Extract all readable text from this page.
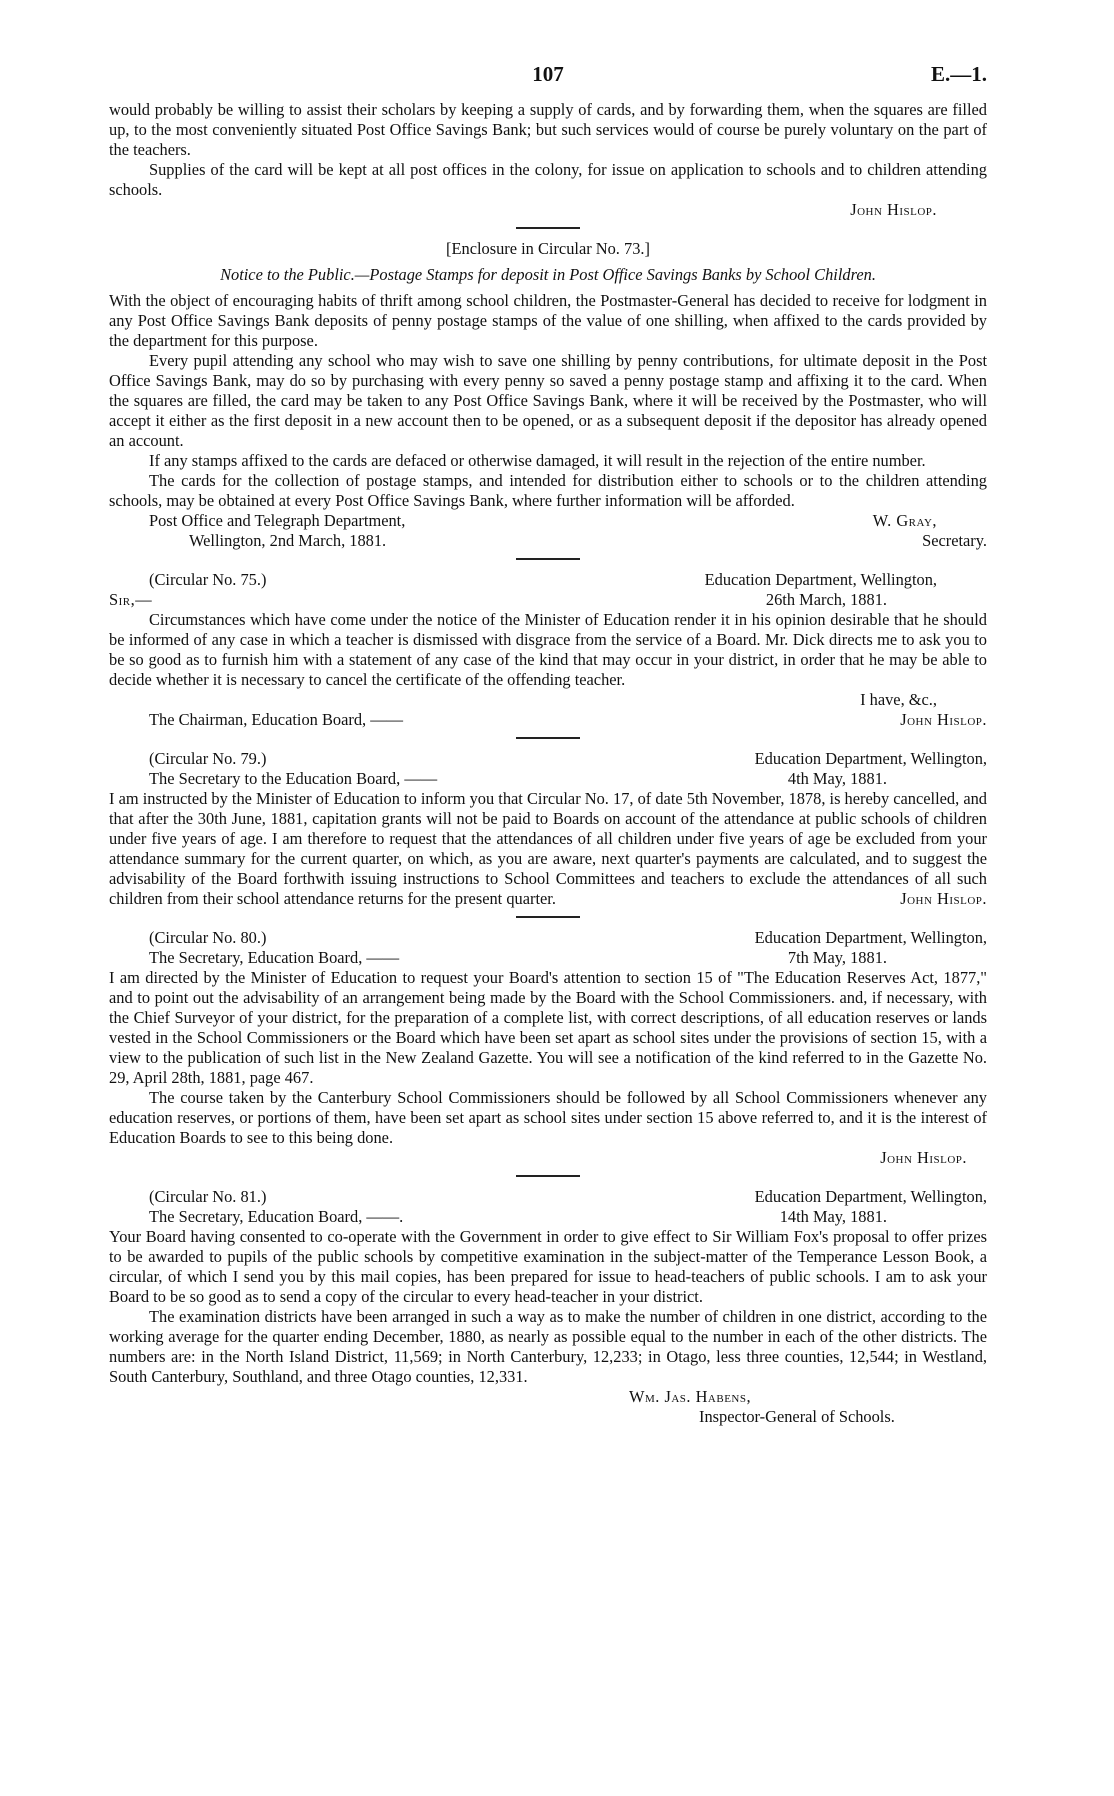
107	E.—1.

would probably be willing to assist their scholars by keeping a supply of cards, and by forwarding them, when the squares are filled up, to the most conveniently situated Post Office Savings Bank; but such services would of course be purely voluntary on the part of the teachers.

Supplies of the card will be kept at all post offices in the colony, for issue on application to schools and to children attending schools.

John Hislop.
[Enclosure in Circular No. 73.]
Notice to the Public.—Postage Stamps for deposit in Post Office Savings Banks by School Children.

With the object of encouraging habits of thrift among school children, the Postmaster-General has decided to receive for lodgment in any Post Office Savings Bank deposits of penny postage stamps of the value of one shilling, when affixed to the cards provided by the department for this purpose.

Every pupil attending any school who may wish to save one shilling by penny contributions, for ultimate deposit in the Post Office Savings Bank, may do so by purchasing with every penny so saved a penny postage stamp and affixing it to the card. When the squares are filled, the card may be taken to any Post Office Savings Bank, where it will be received by the Postmaster, who will accept it either as the first deposit in a new account then to be opened, or as a subsequent deposit if the depositor has already opened an account.

If any stamps affixed to the cards are defaced or otherwise damaged, it will result in the rejection of the entire number.

The cards for the collection of postage stamps, and intended for distribution either to schools or to the children attending schools, may be obtained at every Post Office Savings Bank, where further information will be afforded.

Post Office and Telegraph Department,	W. Gray,
Wellington, 2nd March, 1881.	Secretary.
(Circular No. 75.)	Education Department, Wellington,
Sir,—	26th March, 1881.

Circumstances which have come under the notice of the Minister of Education render it in his opinion desirable that he should be informed of any case in which a teacher is dismissed with disgrace from the service of a Board. Mr. Dick directs me to ask you to be so good as to furnish him with a statement of any case of the kind that may occur in your district, in order that he may be able to decide whether it is necessary to cancel the certificate of the offending teacher.

I have, &c.,
The Chairman, Education Board, ——	John Hislop.
(Circular No. 79.)	Education Department, Wellington,
The Secretary to the Education Board, ——	4th May, 1881.

I am instructed by the Minister of Education to inform you that Circular No. 17, of date 5th November, 1878, is hereby cancelled, and that after the 30th June, 1881, capitation grants will not be paid to Boards on account of the attendance at public schools of children under five years of age. I am therefore to request that the attendances of all children under five years of age be excluded from your attendance summary for the current quarter, on which, as you are aware, next quarter's payments are calculated, and to suggest the advisability of the Board forthwith issuing instructions to School Committees and teachers to exclude the attendances of all such children from their school attendance returns for the present quarter.	John Hislop.
(Circular No. 80.)	Education Department, Wellington,
The Secretary, Education Board, ——	7th May, 1881.

I am directed by the Minister of Education to request your Board's attention to section 15 of "The Education Reserves Act, 1877," and to point out the advisability of an arrangement being made by the Board with the School Commissioners. and, if necessary, with the Chief Surveyor of your district, for the preparation of a complete list, with correct descriptions, of all education reserves or lands vested in the School Commissioners or the Board which have been set apart as school sites under the provisions of section 15, with a view to the publication of such list in the New Zealand Gazette. You will see a notification of the kind referred to in the Gazette No. 29, April 28th, 1881, page 467.

The course taken by the Canterbury School Commissioners should be followed by all School Commissioners whenever any education reserves, or portions of them, have been set apart as school sites under section 15 above referred to, and it is the interest of Education Boards to see to this being done.

John Hislop.
(Circular No. 81.)	Education Department, Wellington,
The Secretary, Education Board, ——.	14th May, 1881.

Your Board having consented to co-operate with the Government in order to give effect to Sir William Fox's proposal to offer prizes to be awarded to pupils of the public schools by competitive examination in the subject-matter of the Temperance Lesson Book, a circular, of which I send you by this mail copies, has been prepared for issue to head-teachers of public schools. I am to ask your Board to be so good as to send a copy of the circular to every head-teacher in your district.

The examination districts have been arranged in such a way as to make the number of children in one district, according to the working average for the quarter ending December, 1880, as nearly as possible equal to the number in each of the other districts. The numbers are: in the North Island District, 11,569; in North Canterbury, 12,233; in Otago, less three counties, 12,544; in Westland, South Canterbury, Southland, and three Otago counties, 12,331.

Wm. Jas. Habens,
Inspector-General of Schools.
